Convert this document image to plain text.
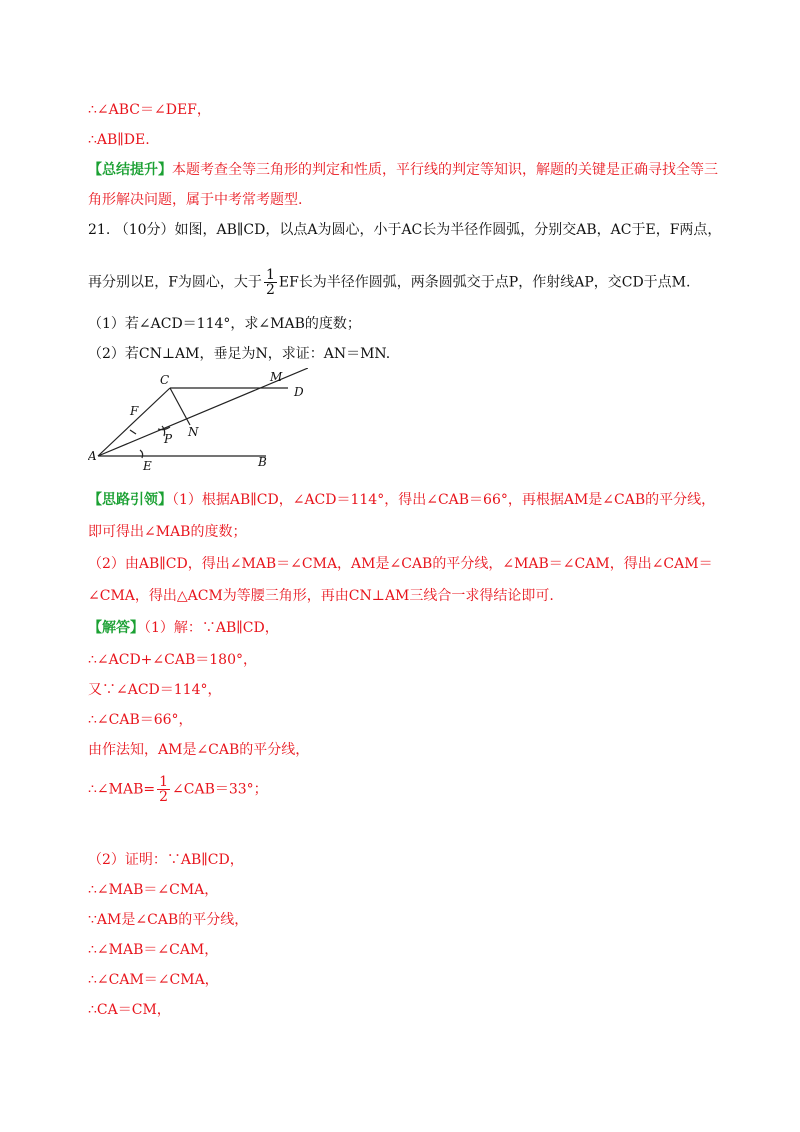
∴∠ABC＝∠DEF，
∴AB∥DE.
【总结提升】本题考查全等三角形的判定和性质，平行线的判定等知识，解题的关键是正确寻找全等三
角形解决问题，属于中考常考题型.
21. （10分）如图，AB∥CD，以点A为圆心，小于AC长为半径作圆弧，分别交AB，AC于E，F两点，
再分别以E，F为圆心，大于 $\frac{1}{2}$ EF长为半径作圆弧，两条圆弧交于点P，作射线AP，交CD于点M.
（1）若∠ACD＝114°，求∠MAB的度数；
（2）若CN⊥AM，垂足为N，求证：AN＝MN.
A	B
C
D
E
F
M
N
P
【思路引领】（1）根据AB∥CD，∠ACD＝114°，得出∠CAB＝66°，再根据AM是∠CAB的平分线，
即可得出∠MAB的度数；
（2）由AB∥CD，得出∠MAB＝∠CMA，AM是∠CAB的平分线，∠MAB＝∠CAM，得出∠CAM＝
∠CMA，得出△ACM为等腰三角形，再由CN⊥AM三线合一求得结论即可.
【解答】（1）解：∵AB∥CD，
∴∠ACD+∠CAB＝180°，
又∵∠ACD＝114°，
∴∠CAB＝66°，
由作法知，AM是∠CAB的平分线，
∴∠MAB= $\frac{1}{2}$ ∠CAB＝33°；
（2）证明：∵AB∥CD，
∴∠MAB＝∠CMA，
∵AM是∠CAB的平分线，
∴∠MAB＝∠CAM，
∴∠CAM＝∠CMA，
∴CA＝CM，
